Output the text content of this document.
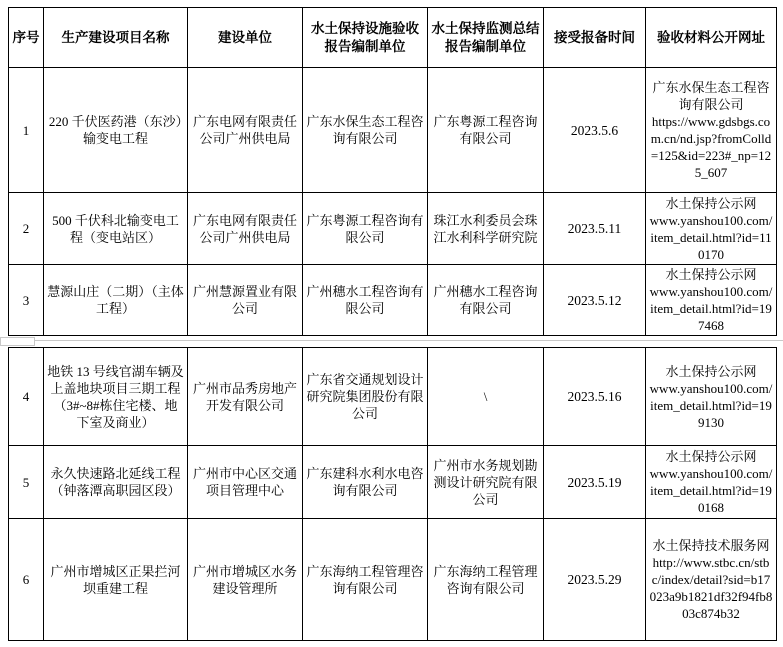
序号	生产建设项目名称	建设单位	水土保持设施验收报告编制单位	水土保持监测总结报告编制单位	接受报备时间	验收材料公开网址
1	220 千伏医药港（东沙）输变电工程	广东电网有限责任公司广州供电局	广东水保生态工程咨询有限公司	广东粤源工程咨询有限公司	2023.5.6	广东水保生态工程咨询有限公司
https://www.gdsbgs.com.cn/nd.jsp?fromColld=125&id=223#_np=125_607

2	500 千伏科北输变电工程（变电站区）	广东电网有限责任公司广州供电局	广东粤源工程咨询有限公司	珠江水利委员会珠江水利科学研究院	2023.5.11	水土保持公示网
www.yanshou100.com/item_detail.html?id=110170

3	慧源山庄（二期）（主体工程）	广州慧源置业有限公司	广州穗水工程咨询有限公司	广州穗水工程咨询有限公司	2023.5.12	水土保持公示网
www.yanshou100.com/item_detail.html?id=197468
4	地铁 13 号线官湖车辆及上盖地块项目三期工程（3#~8#栋住宅楼、地下室及商业）	广州市品秀房地产开发有限公司	广东省交通规划设计研究院集团股份有限公司	\	2023.5.16	水土保持公示网
www.yanshou100.com/item_detail.html?id=199130

5	永久快速路北延线工程（钟落潭高职园区段）	广州市中心区交通项目管理中心	广东建科水利水电咨询有限公司	广州市水务规划勘测设计研究院有限公司	2023.5.19	水土保持公示网
www.yanshou100.com/item_detail.html?id=190168

6	广州市增城区正果拦河坝重建工程	广州市增城区水务建设管理所	广东海纳工程管理咨询有限公司	广东海纳工程管理咨询有限公司	2023.5.29	水土保持技术服务网
http://www.stbc.cn/stbc/index/detail?sid=b17023a9b1821df32f94fb803c874b32
